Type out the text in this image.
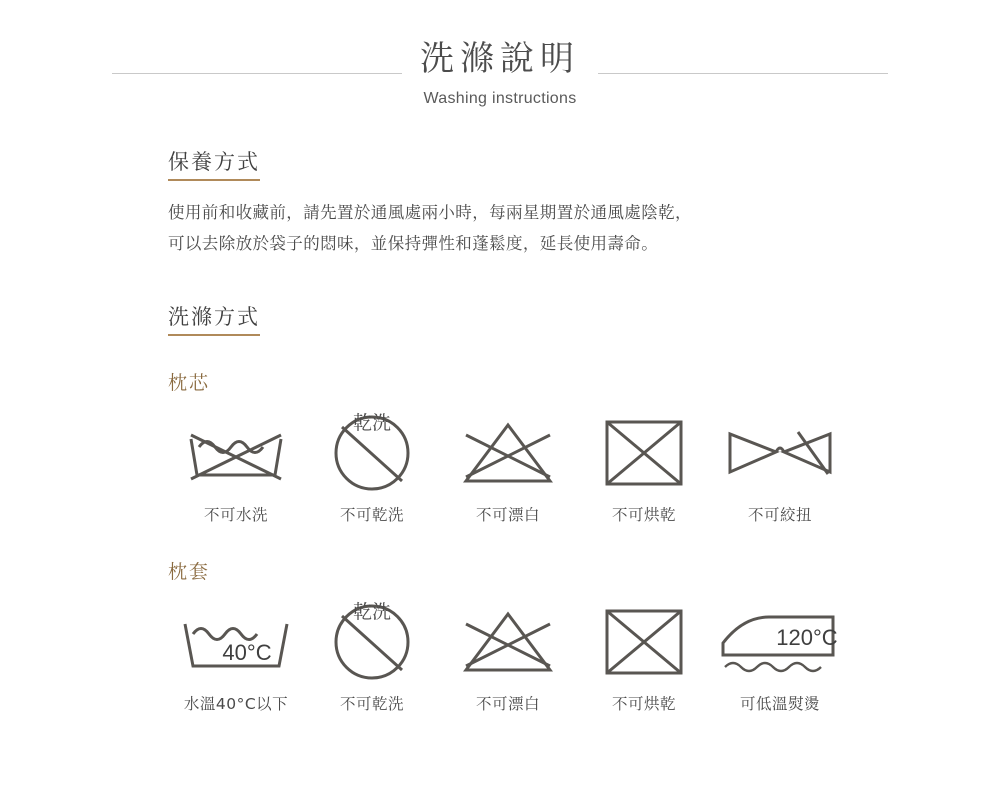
洗滌說明
Washing instructions
保養方式
使用前和收藏前，請先置於通風處兩小時，每兩星期置於通風處陰乾，
可以去除放於袋子的悶味，並保持彈性和蓬鬆度，延長使用壽命。
洗滌方式
枕芯
不可水洗
乾洗
不可乾洗	不可漂白	不可烘乾	不可絞扭
枕套
40°C
水溫40°C以下
乾洗
不可乾洗	不可漂白	不可烘乾
120°C
可低溫熨燙
